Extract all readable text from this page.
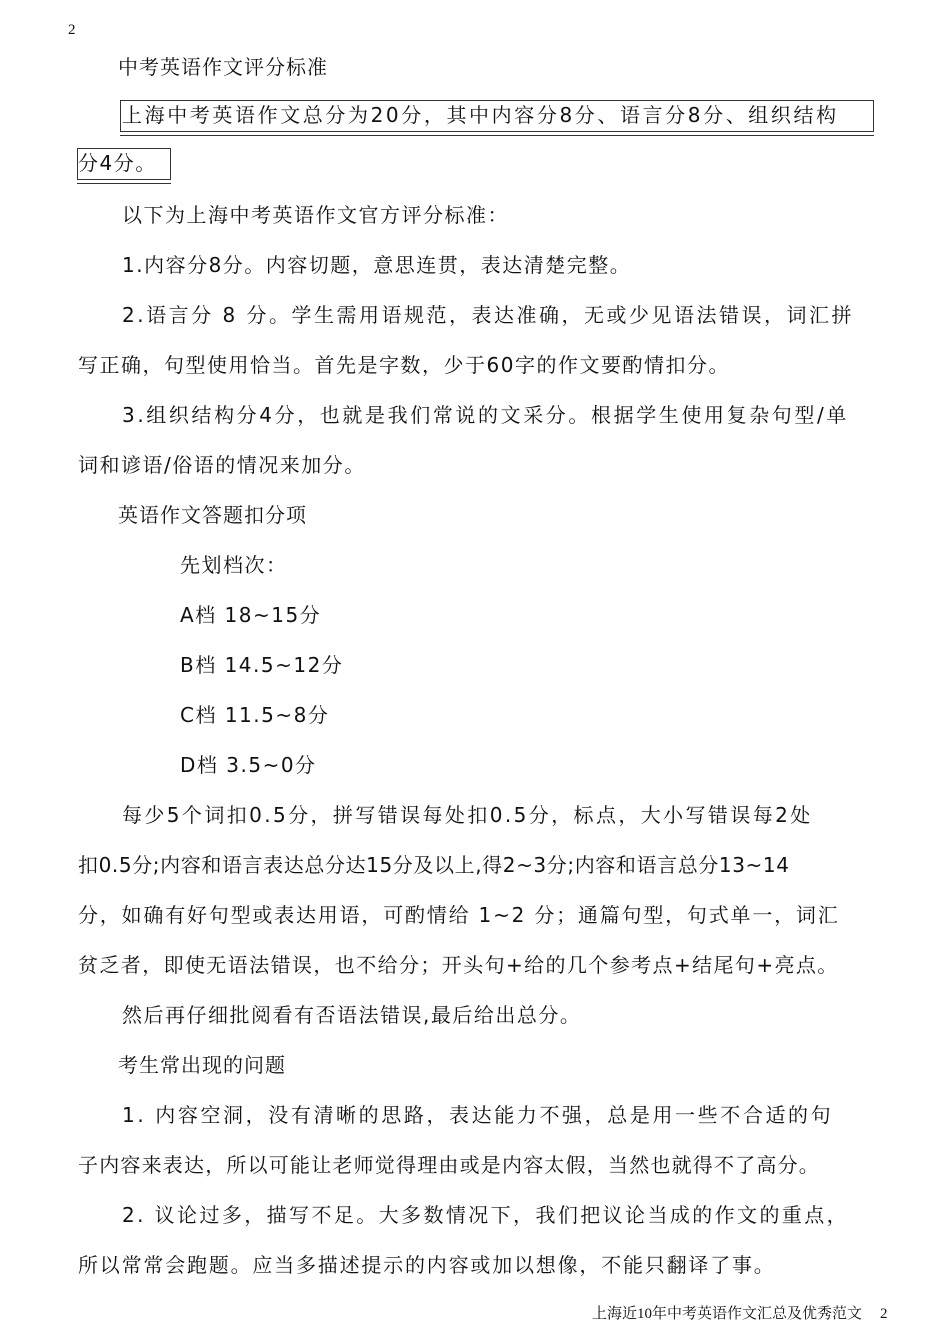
2
中考英语作文评分标准
上海中考英语作文总分为20分，其中内容分8分、语言分8分、组织结构
分4分。
以下为上海中考英语作文官方评分标准：
1.内容分8分。内容切题，意思连贯，表达清楚完整。
2.语言分 8 分。学生需用语规范，表达准确，无或少见语法错误，词汇拼
写正确，句型使用恰当。首先是字数，少于60字的作文要酌情扣分。
3.组织结构分4分，也就是我们常说的文采分。根据学生使用复杂句型/单
词和谚语/俗语的情况来加分。
英语作文答题扣分项
先划档次：
A档 18~15分
B档 14.5~12分
C档 11.5~8分
D档 3.5~0分
每少5个词扣0.5分，拼写错误每处扣0.5分，标点，大小写错误每2处
扣0.5分;内容和语言表达总分达15分及以上,得2~3分;内容和语言总分13~14
分，如确有好句型或表达用语，可酌情给 1~2 分；通篇句型，句式单一，词汇
贫乏者，即使无语法错误，也不给分；开头句+给的几个参考点+结尾句+亮点。
然后再仔细批阅看有否语法错误,最后给出总分。
考生常出现的问题
1. 内容空洞，没有清晰的思路，表达能力不强，总是用一些不合适的句
子内容来表达，所以可能让老师觉得理由或是内容太假，当然也就得不了高分。
2. 议论过多，描写不足。大多数情况下，我们把议论当成的作文的重点，
所以常常会跑题。应当多描述提示的内容或加以想像，不能只翻译了事。
上海近10年中考英语作文汇总及优秀范文 2
